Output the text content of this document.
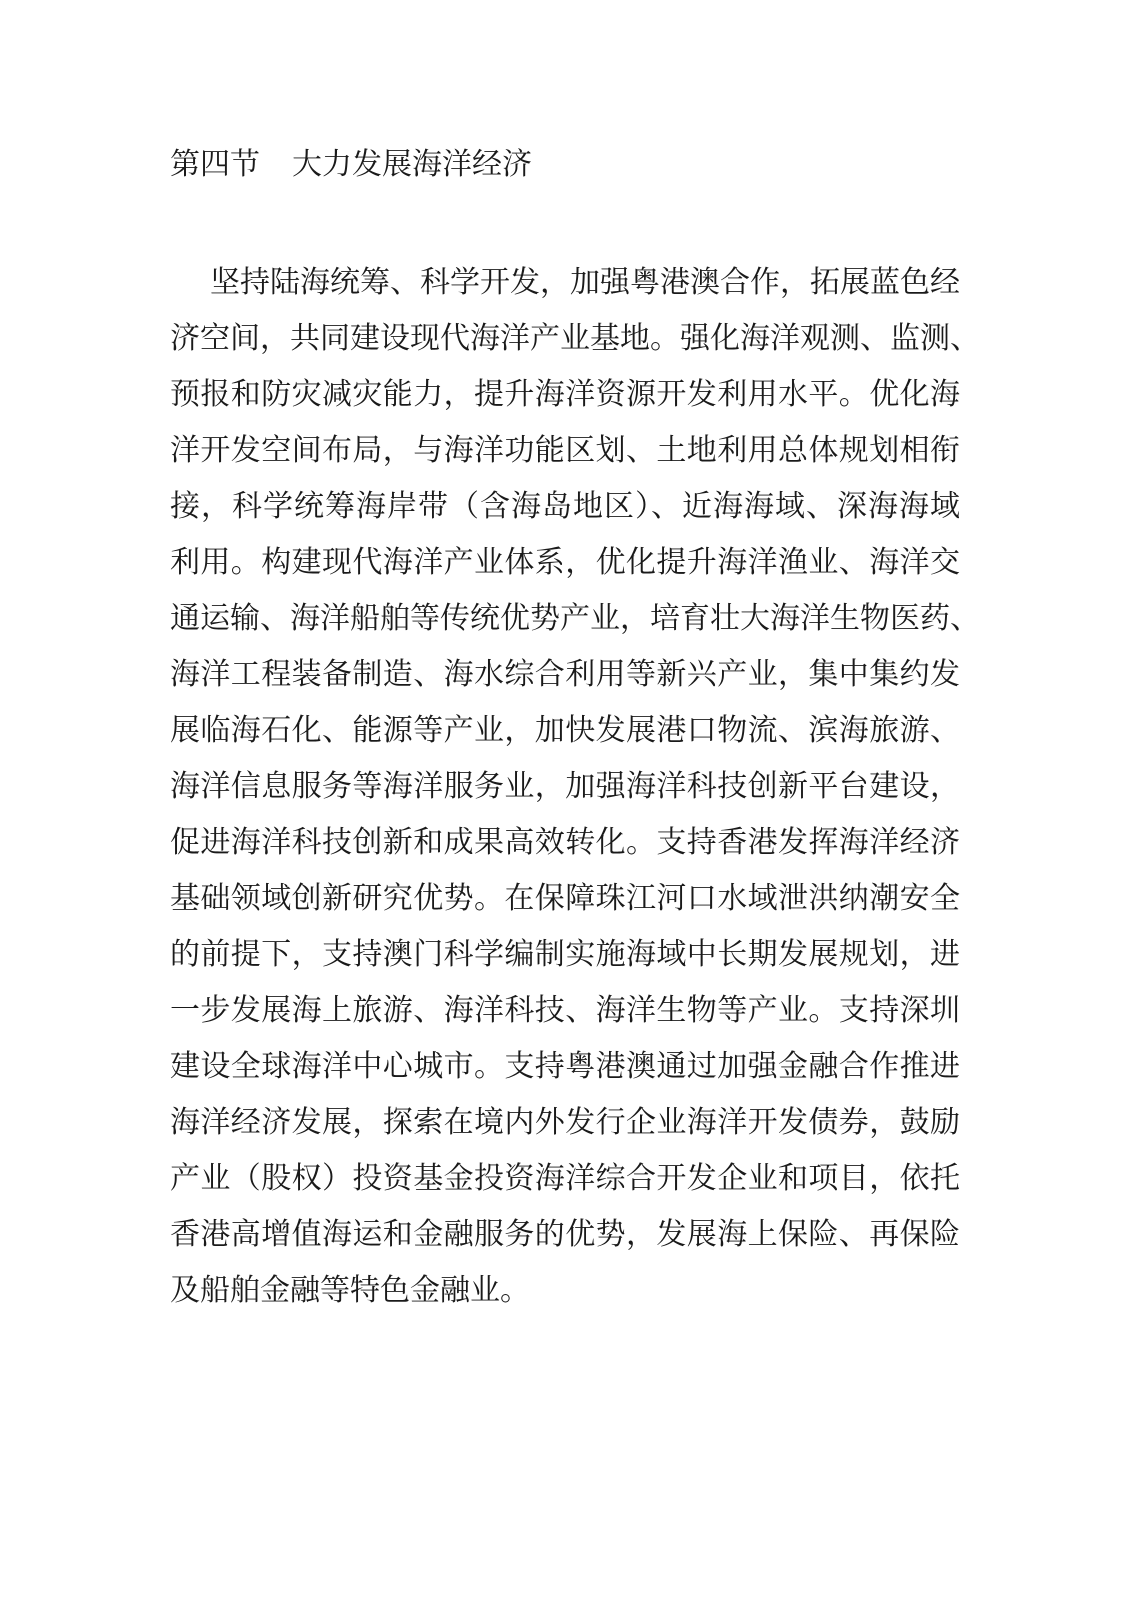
第四节 大力发展海洋经济
坚持陆海统筹、科学开发，加强粤港澳合作，拓展蓝色经
济空间，共同建设现代海洋产业基地。强化海洋观测、监测、
预报和防灾减灾能力，提升海洋资源开发利用水平。优化海
洋开发空间布局，与海洋功能区划、土地利用总体规划相衔
接，科学统筹海岸带（含海岛地区）、近海海域、深海海域
利用。构建现代海洋产业体系，优化提升海洋渔业、海洋交
通运输、海洋船舶等传统优势产业，培育壮大海洋生物医药、
海洋工程装备制造、海水综合利用等新兴产业，集中集约发
展临海石化、能源等产业，加快发展港口物流、滨海旅游、
海洋信息服务等海洋服务业，加强海洋科技创新平台建设，
促进海洋科技创新和成果高效转化。支持香港发挥海洋经济
基础领域创新研究优势。在保障珠江河口水域泄洪纳潮安全
的前提下，支持澳门科学编制实施海域中长期发展规划，进
一步发展海上旅游、海洋科技、海洋生物等产业。支持深圳
建设全球海洋中心城市。支持粤港澳通过加强金融合作推进
海洋经济发展，探索在境内外发行企业海洋开发债券，鼓励
产业（股权）投资基金投资海洋综合开发企业和项目，依托
香港高增值海运和金融服务的优势，发展海上保险、再保险
及船舶金融等特色金融业。
